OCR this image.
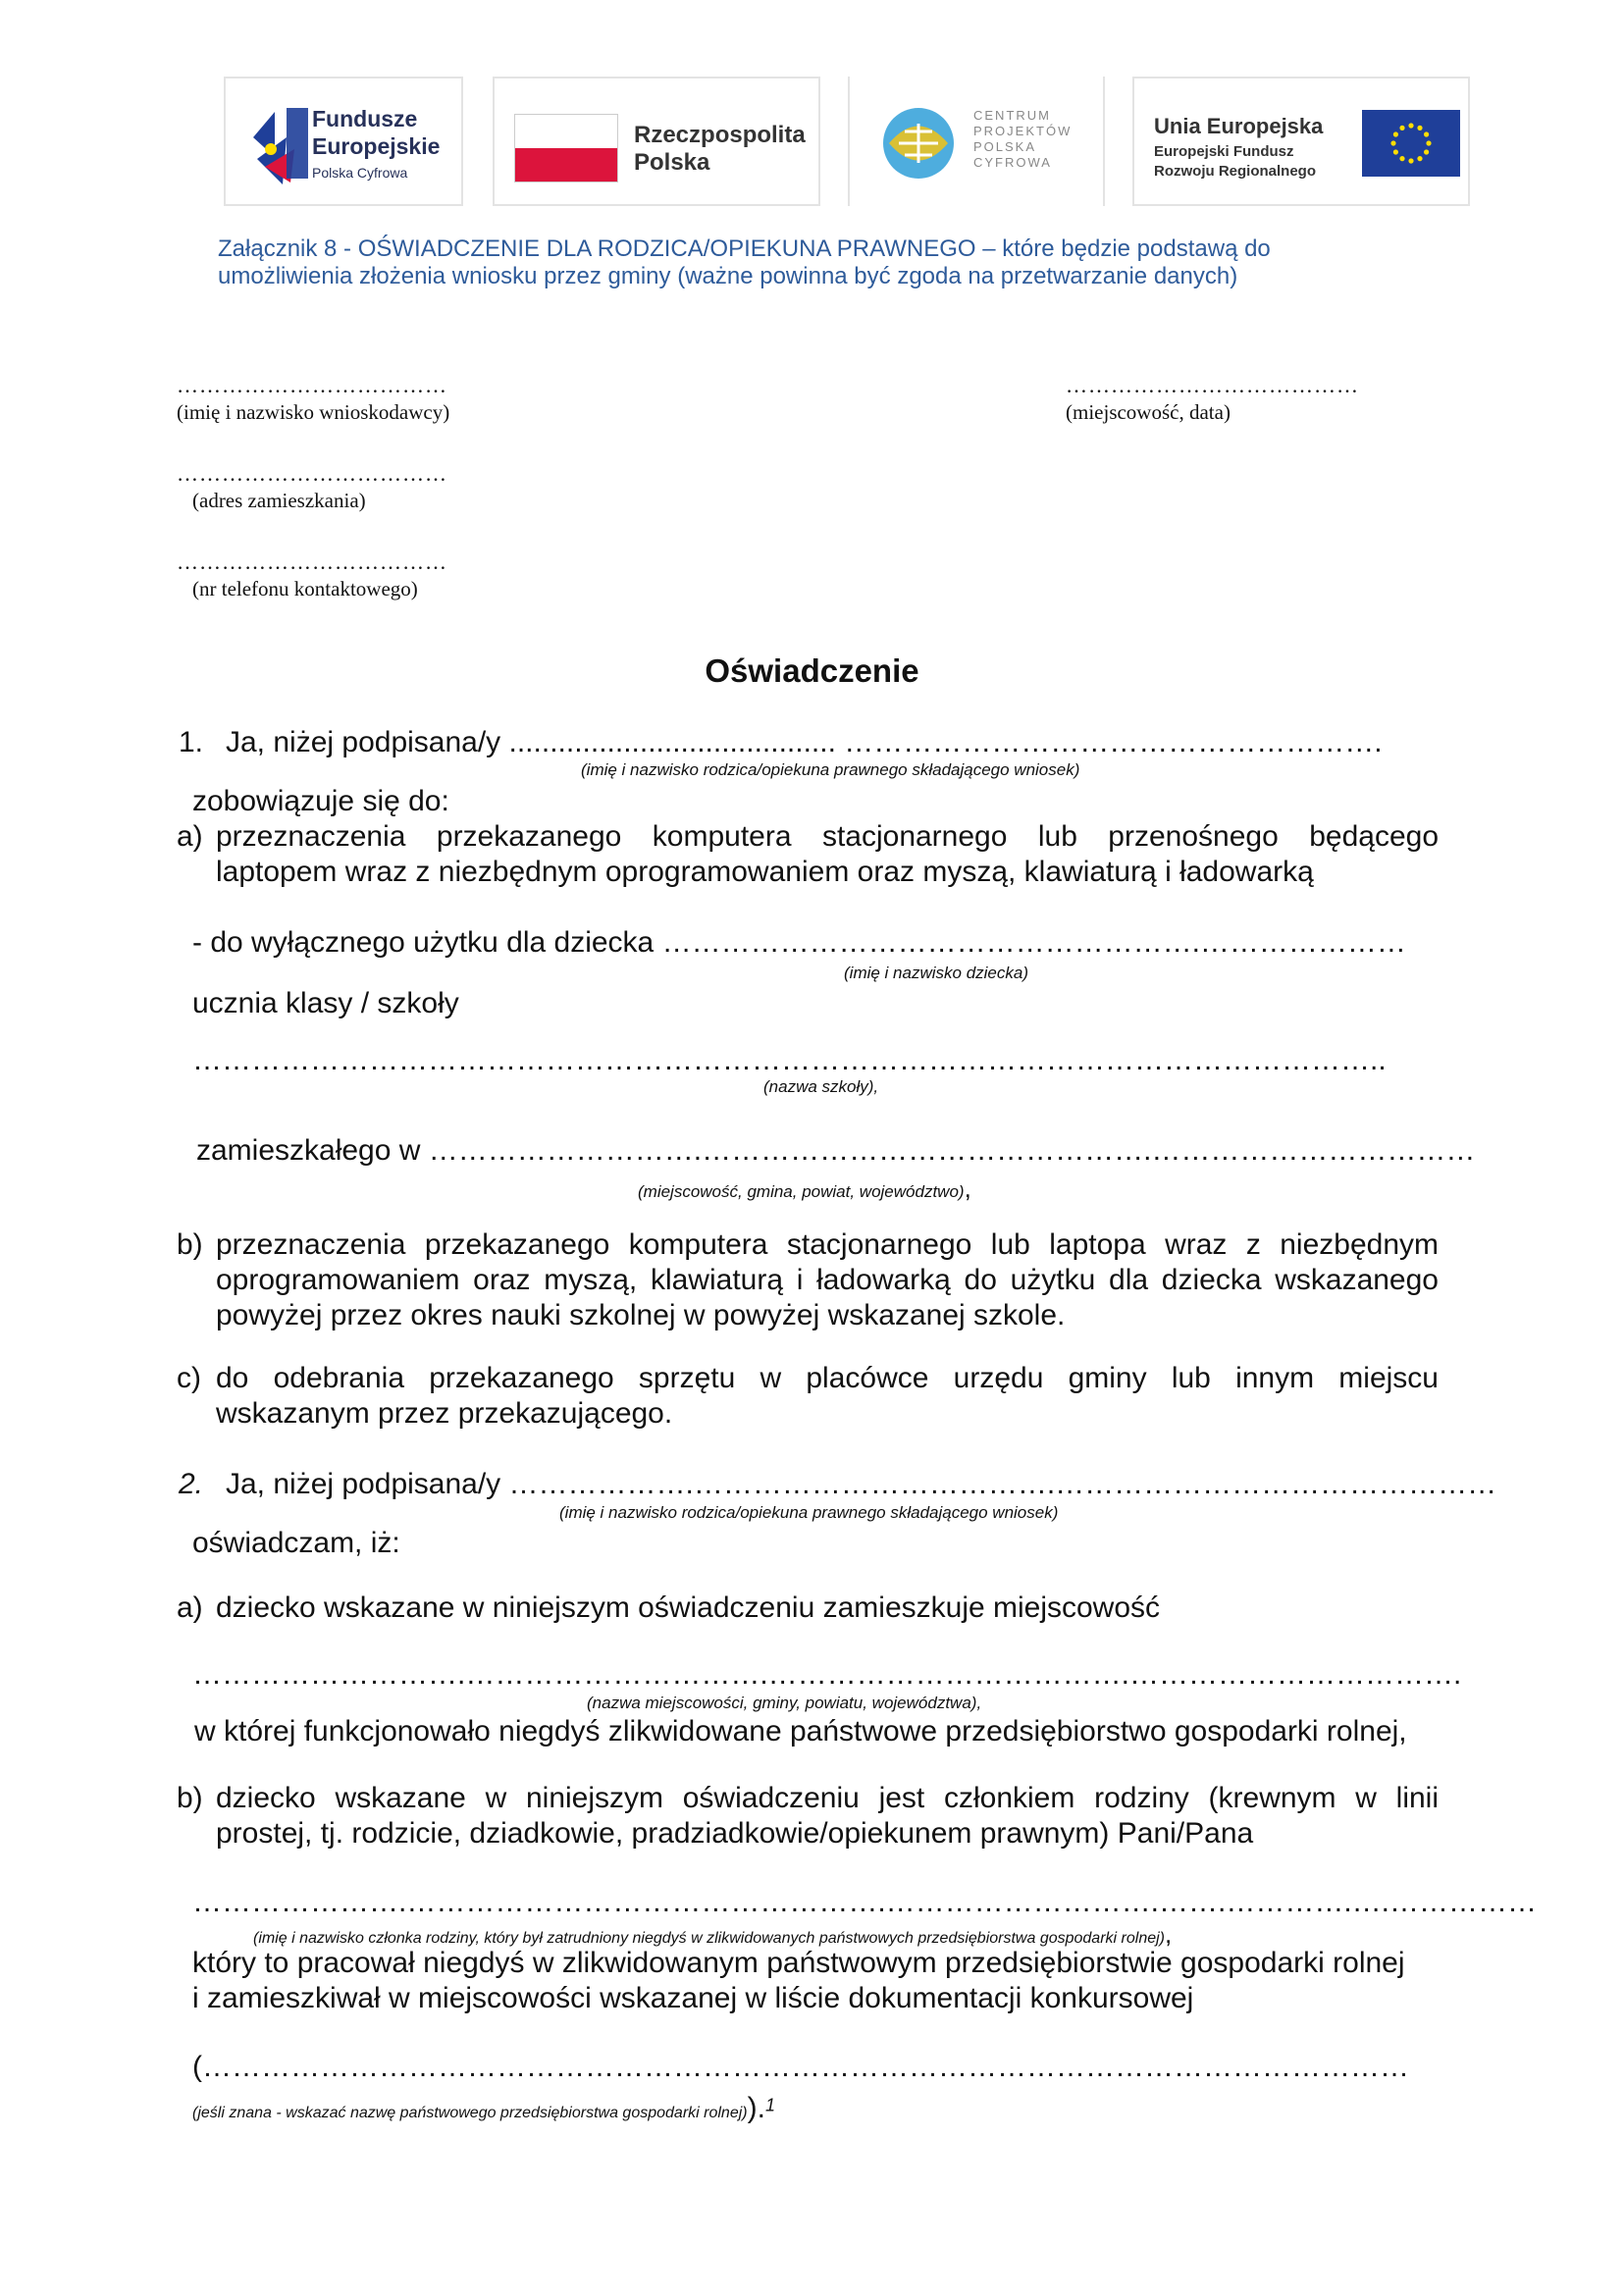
Fundusze
Europejskie
Polska Cyfrowa
Rzeczpospolita
Polska
CENTRUM
PROJEKTÓW
POLSKA
CYFROWA
Unia Europejska
Europejski Fundusz
Rozwoju Regionalnego
Załącznik 8 - OŚWIADCZENIE DLA RODZICA/OPIEKUNA PRAWNEGO – które będzie podstawą do
umożliwienia złożenia wniosku przez gminy (ważne powinna być zgoda na przetwarzanie danych)
………………………………
(imię i nazwisko wnioskodawcy)
…………………………………
(miejscowość, data)
………………………………
(adres zamieszkania)
………………………………
(nr telefonu kontaktowego)
Oświadczenie
1. Ja, niżej podpisana/y ........................................ ……………………………………………….
(imię i nazwisko rodzica/opiekuna prawnego składającego wniosek)
zobowiązuje się do:
a) przeznaczenia przekazanego komputera stacjonarnego lub przenośnego będącego
laptopem wraz z niezbędnym oprogramowaniem oraz myszą, klawiaturą i ładowarką
- do wyłącznego użytku dla dziecka ……………………………………………….…………………
(imię i nazwisko dziecka)
ucznia klasy / szkoły
…………………………………………………………………………………………………………..
(nazwa szkoły),
zamieszkałego w ……………………….……………………………………….……………………………
(miejscowość, gmina, powiat, województwo),
b) przeznaczenia przekazanego komputera stacjonarnego lub laptopa wraz z niezbędnym
oprogramowaniem oraz myszą, klawiaturą i ładowarką do użytku dla dziecka wskazanego
powyżej przez okres nauki szkolnej w powyżej wskazanej szkole.
c) do odebrania przekazanego sprzętu w placówce urzędu gminy lub innym miejscu
wskazanym przez przekazującego.
2. Ja, niżej podpisana/y ……………….……………………………….………………………………………
(imię i nazwisko rodzica/opiekuna prawnego składającego wniosek)
oświadczam, iż:
a) dziecko wskazane w niniejszym oświadczeniu zamieszkuje miejscowość
……………………….………………………….……………………………….…………………………….
(nazwa miejscowości, gminy, powiatu, województwa),
w której funkcjonowało niegdyś zlikwidowane państwowe przedsiębiorstwo gospodarki rolnej,
b) dziecko wskazane w niniejszym oświadczeniu jest członkiem rodziny (krewnym w linii
prostej, tj. rodzicie, dziadkowie, pradziadkowie/opiekunem prawnym) Pani/Pana
………………….………………………………………….……………………….…….………….….……………
(imię i nazwisko członka rodziny, który był zatrudniony niegdyś w zlikwidowanych państwowych przedsiębiorstwa gospodarki rolnej),
który to pracował niegdyś w zlikwidowanym państwowym przedsiębiorstwie gospodarki rolnej
i zamieszkiwał w miejscowości wskazanej w liście dokumentacji konkursowej
(……………………………………………………………………………………………………………
(jeśli znana - wskazać nazwę państwowego przedsiębiorstwa gospodarki rolnej)).$^1$
